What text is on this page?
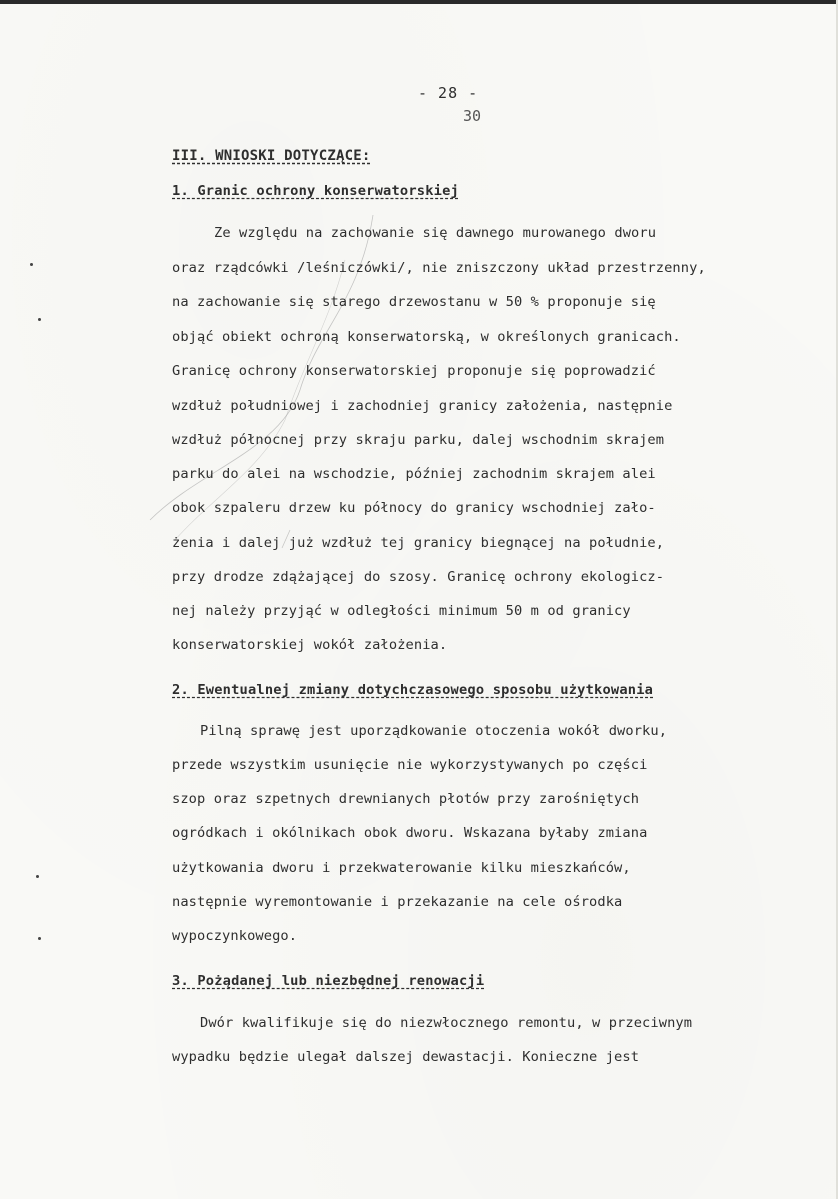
- 28 -
30
III. WNIOSKI DOTYCZĄCE:
1. Granic ochrony konserwatorskiej
Ze względu na zachowanie się dawnego murowanego dworu
oraz rządcówki /leśniczówki/, nie zniszczony układ przestrzenny,
na zachowanie się starego drzewostanu w 50 % proponuje się
objąć obiekt ochroną konserwatorską, w określonych granicach.
Granicę ochrony konserwatorskiej proponuje się poprowadzić
wzdłuż południowej i zachodniej granicy założenia, następnie
wzdłuż północnej przy skraju parku, dalej wschodnim skrajem
parku do alei na wschodzie, później zachodnim skrajem alei
obok szpaleru drzew ku północy do granicy wschodniej zało-
żenia i dalej już wzdłuż tej granicy biegnącej na południe,
przy drodze zdążającej do szosy. Granicę ochrony ekologicz-
nej należy przyjąć w odległości minimum 50 m od granicy
konserwatorskiej wokół założenia.
2. Ewentualnej zmiany dotychczasowego sposobu użytkowania
Pilną sprawę jest uporządkowanie otoczenia wokół dworku,
przede wszystkim usunięcie nie wykorzystywanych po części
szop oraz szpetnych drewnianych płotów przy zarośniętych
ogródkach i okólnikach obok dworu. Wskazana byłaby zmiana
użytkowania dworu i przekwaterowanie kilku mieszkańców,
następnie wyremontowanie i przekazanie na cele ośrodka
wypoczynkowego.
3. Pożądanej lub niezbędnej renowacji
Dwór kwalifikuje się do niezwłocznego remontu, w przeciwnym
wypadku będzie ulegał dalszej dewastacji. Konieczne jest
